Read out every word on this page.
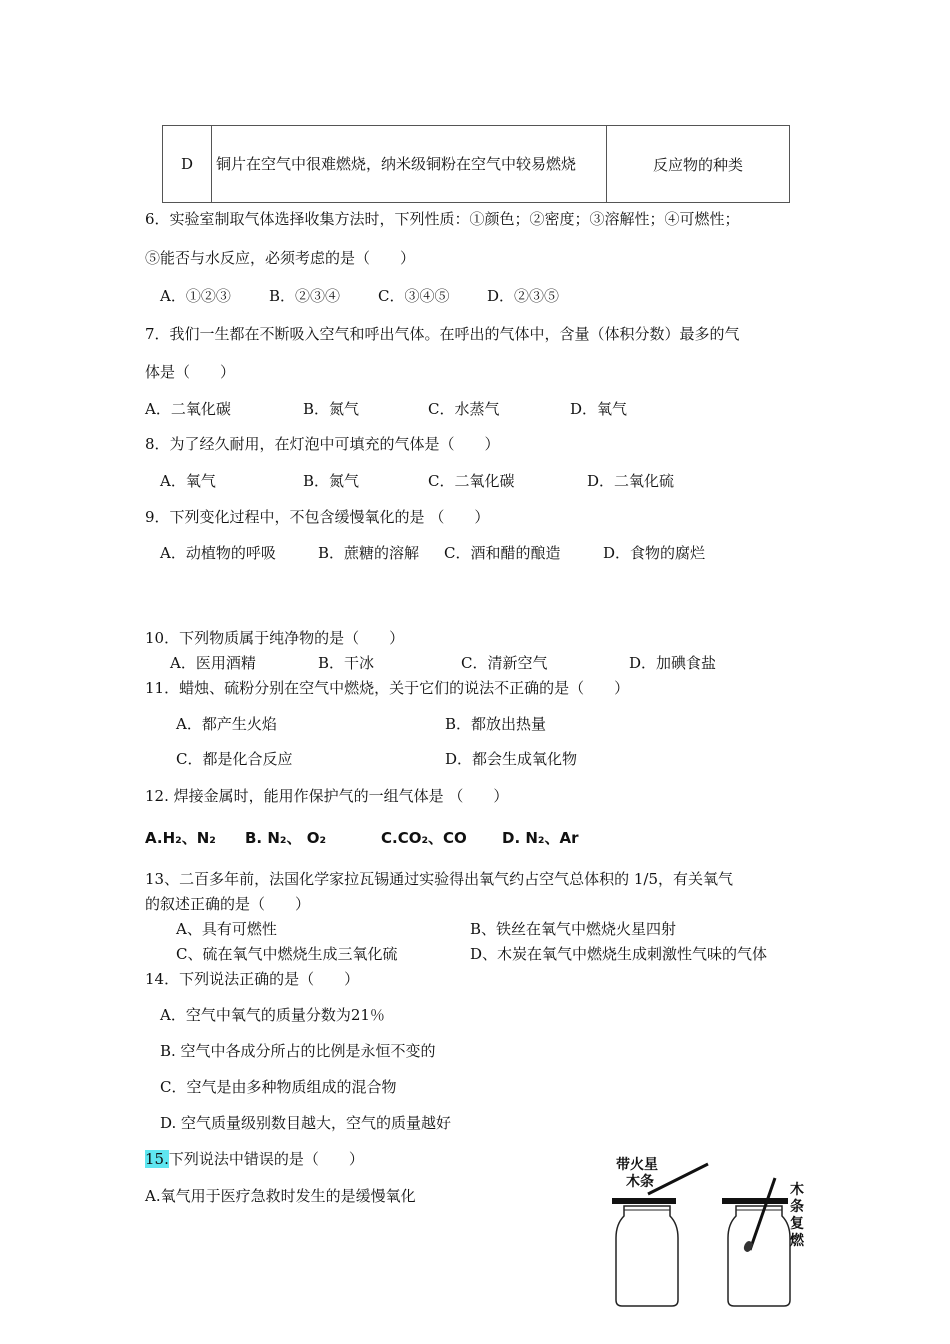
D	铜片在空气中很难燃烧，纳米级铜粉在空气中较易燃烧	反应物的种类
6．实验室制取气体选择收集方法时，下列性质：①颜色；②密度；③溶解性；④可燃性；
⑤能否与水反应，必须考虑的是（　　）
A．①②③	B．②③④	C．③④⑤	D．②③⑤
7．我们一生都在不断吸入空气和呼出气体。在呼出的气体中，含量（体积分数）最多的气
体是（　　）
A．二氧化碳	B．氮气	C．水蒸气	D．氧气
8．为了经久耐用，在灯泡中可填充的气体是（　　）
A．氧气	B．氮气	C．二氧化碳	D．二氧化硫
9．下列变化过程中，不包含缓慢氧化的是 （　　）
A．动植物的呼吸	B．蔗糖的溶解 C．酒和醋的酿造	D．食物的腐烂
10．下列物质属于纯净物的是（　　）
A．医用酒精	B．干冰	C．清新空气	D．加碘食盐
11．蜡烛、硫粉分别在空气中燃烧，关于它们的说法不正确的是（　　）
A．都产生火焰	B．都放出热量
C．都是化合反应	D．都会生成氧化物
12. 焊接金属时，能用作保护气的一组气体是 （　　）
A.H₂、N₂ B. N₂、 O₂	C.CO₂、CO D. N₂、Ar
13、二百多年前，法国化学家拉瓦锡通过实验得出氧气约占空气总体积的 1/5，有关氧气
的叙述正确的是（　　）
A、具有可燃性	B、铁丝在氧气中燃烧火星四射
C、硫在氧气中燃烧生成三氧化硫	D、木炭在氧气中燃烧生成刺激性气味的气体
14．下列说法正确的是（　　）
A．空气中氧气的质量分数为21％
B. 空气中各成分所占的比例是永恒不变的
C．空气是由多种物质组成的混合物
D. 空气质量级别数目越大，空气的质量越好
15.下列说法中错误的是（　　）
A.氧气用于医疗急救时发生的是缓慢氧化
带火星
木条	木
条
复
燃
